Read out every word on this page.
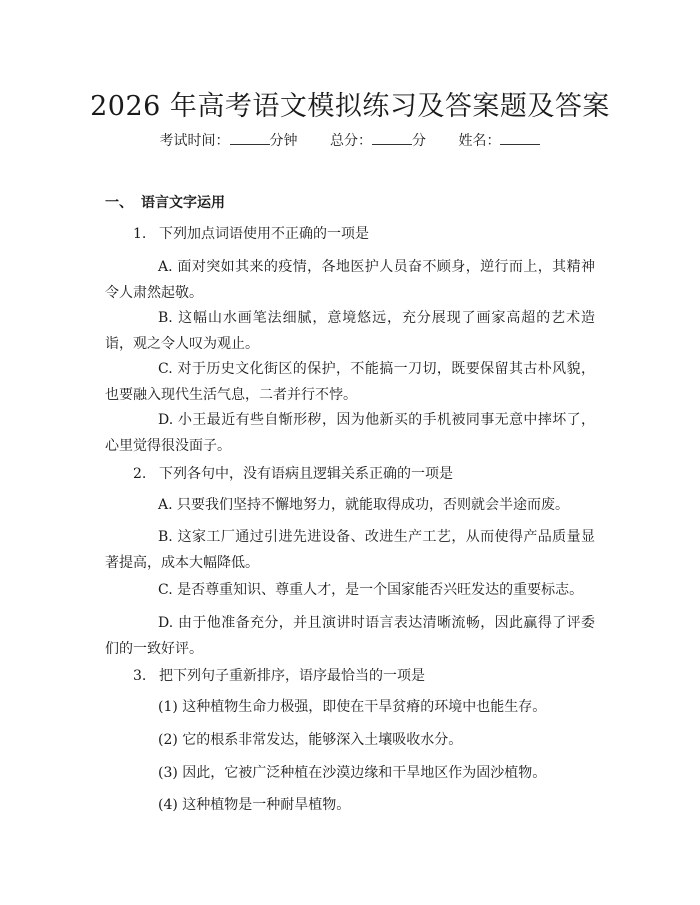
2026 年高考语文模拟练习及答案题及答案
考试时间：	分钟 总分：	分 姓名：
一、 语言文字运用
1. 下列加点词语使用不正确的一项是
A. 面对突如其来的疫情，各地医护人员奋不顾身，逆行而上，其精神令人肃然起敬。
B. 这幅山水画笔法细腻，意境悠远，充分展现了画家高超的艺术造诣，观之令人叹为观止。
C. 对于历史文化街区的保护，不能搞一刀切，既要保留其古朴风貌，也要融入现代生活气息，二者并行不悖。
D. 小王最近有些自惭形秽，因为他新买的手机被同事无意中摔坏了，心里觉得很没面子。
2. 下列各句中，没有语病且逻辑关系正确的一项是
A. 只要我们坚持不懈地努力，就能取得成功，否则就会半途而废。
B. 这家工厂通过引进先进设备、改进生产工艺，从而使得产品质量显著提高，成本大幅降低。
C. 是否尊重知识、尊重人才，是一个国家能否兴旺发达的重要标志。
D. 由于他准备充分，并且演讲时语言表达清晰流畅，因此赢得了评委们的一致好评。
3. 把下列句子重新排序，语序最恰当的一项是
(1) 这种植物生命力极强，即使在干旱贫瘠的环境中也能生存。
(2) 它的根系非常发达，能够深入土壤吸收水分。
(3) 因此，它被广泛种植在沙漠边缘和干旱地区作为固沙植物。
(4) 这种植物是一种耐旱植物。
